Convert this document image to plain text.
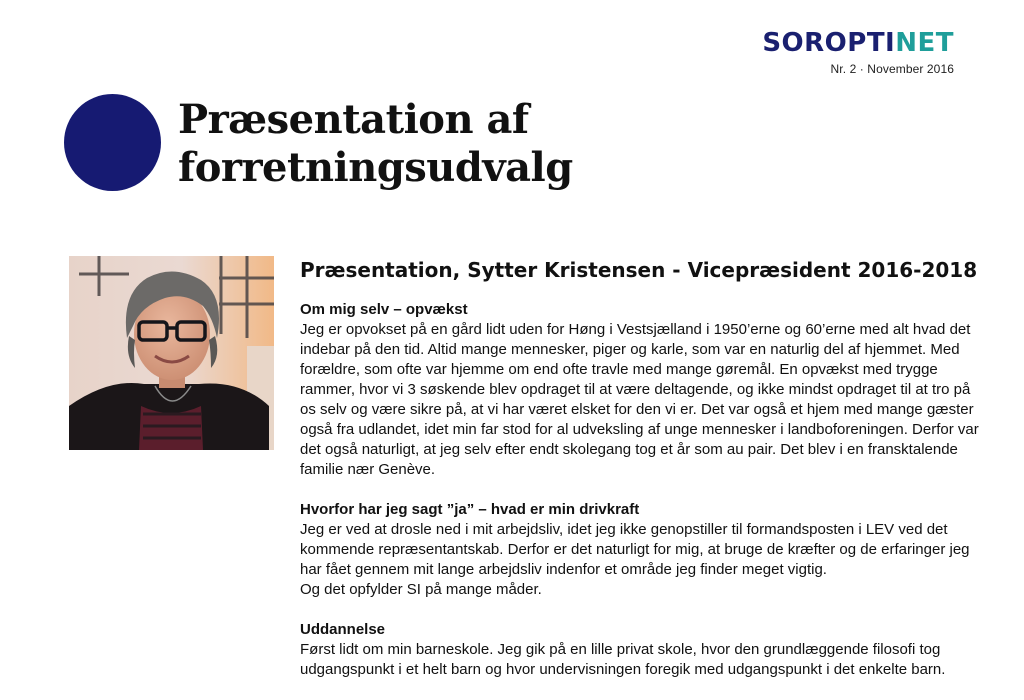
SOROPTINET
Nr. 2 · November 2016
Præsentation af
forretningsudvalg
Præsentation, Sytter Kristensen - Vicepræsident 2016-2018
Om mig selv – opvækst

Jeg er opvokset på en gård lidt uden for Høng i Vestsjælland i 1950’erne og 60’erne med alt hvad det indebar på den tid. Altid mange mennesker, piger og karle, som var en naturlig del af hjemmet. Med forældre, som ofte var hjemme om end ofte travle med mange gøremål. En opvækst med trygge rammer, hvor vi 3 søskende blev opdraget til at være deltagende, og ikke mindst opdraget til at tro på os selv og være sikre på, at vi har været elsket for den vi er. Det var også et hjem med mange gæster også fra udlandet, idet min far stod for al udveksling af unge mennesker i landboforeningen. Derfor var det også naturligt, at jeg selv efter endt skolegang tog et år som au pair. Det blev i en fransktalende familie nær Genève.

Hvorfor har jeg sagt ”ja” – hvad er min drivkraft

Jeg er ved at drosle ned i mit arbejdsliv, idet jeg ikke genopstiller til formandsposten i LEV ved det kommende repræsentantskab. Derfor er det naturligt for mig, at bruge de kræfter og de erfaringer jeg har fået gennem mit lange arbejdsliv indenfor et område jeg finder meget vigtig.
Og det opfylder SI på mange måder.

Uddannelse

Først lidt om min barneskole. Jeg gik på en lille privat skole, hvor den grundlæggende filosofi tog udgangspunkt i et helt barn og hvor undervisningen foregik med udgangspunkt i det enkelte barn.
